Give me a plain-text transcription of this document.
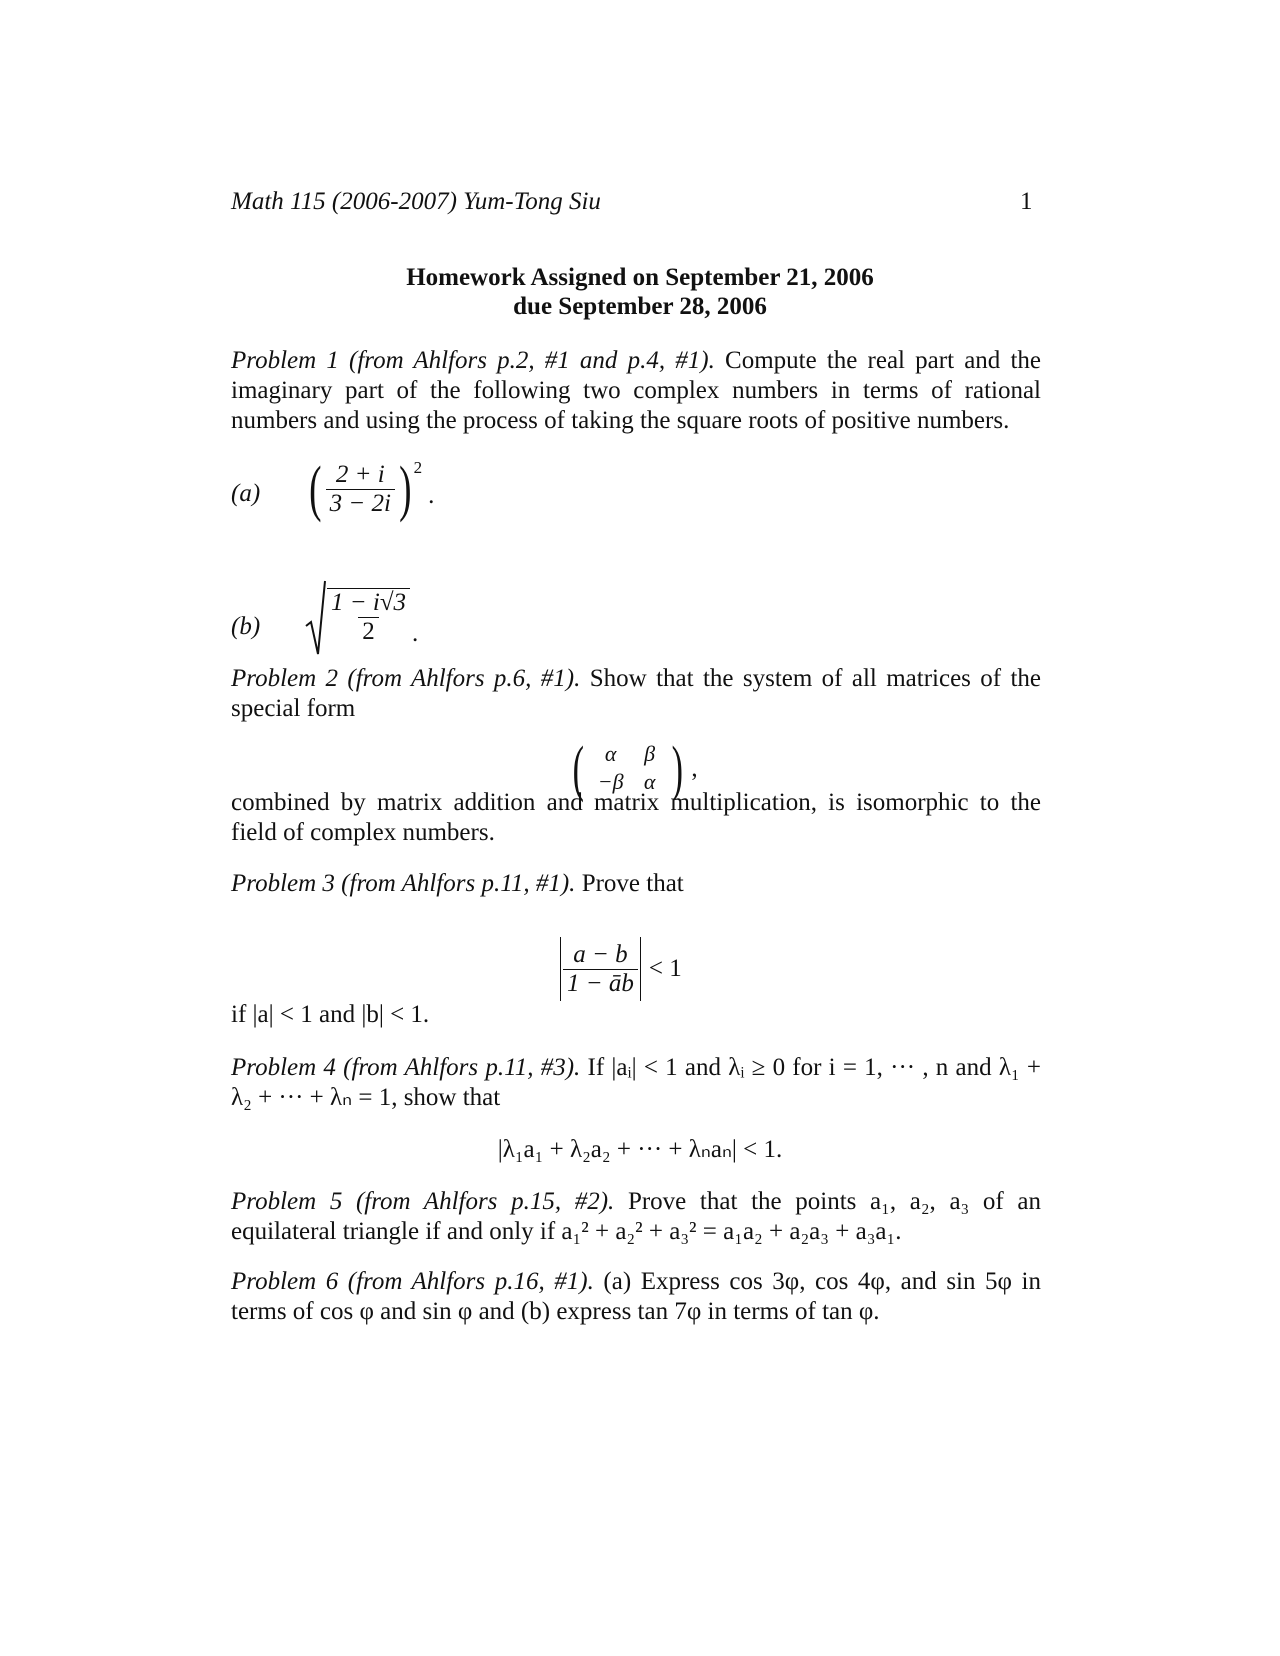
Math 115 (2006-2007) Yum-Tong Siu	1
Homework Assigned on September 21, 2006
due September 28, 2006
Problem 1 (from Ahlfors p.2, #1 and p.4, #1). Compute the real part and the imaginary part of the following two complex numbers in terms of rational numbers and using the process of taking the square roots of positive numbers.
(a) ( $\frac{2 + i}{3 - 2i} )^2$
.
(b)	$\frac{1 - i√3}{2}$ .
Problem 2 (from Ahlfors p.6, #1). Show that the system of all matrices of the special form
( α	β
−β α ) ,
combined by matrix addition and matrix multiplication, is isomorphic to the field of complex numbers.
Problem 3 (from Ahlfors p.11, #1). Prove that
$\frac{a - b}{1 - āb} < 1$
if |a| < 1 and |b| < 1.
Problem 4 (from Ahlfors p.11, #3). If |aᵢ| < 1 and λᵢ ≥ 0 for i = 1, ··· , n and λ₁ + λ₂ + ··· + λₙ = 1, show that
|λ₁a₁ + λ₂a₂ + ··· + λₙaₙ| < 1.
Problem 5 (from Ahlfors p.15, #2). Prove that the points a₁, a₂, a₃ of an equilateral triangle if and only if a₁² + a₂² + a₃² = a₁a₂ + a₂a₃ + a₃a₁.
Problem 6 (from Ahlfors p.16, #1). (a) Express cos 3φ, cos 4φ, and sin 5φ in terms of cos φ and sin φ and (b) express tan 7φ in terms of tan φ.
